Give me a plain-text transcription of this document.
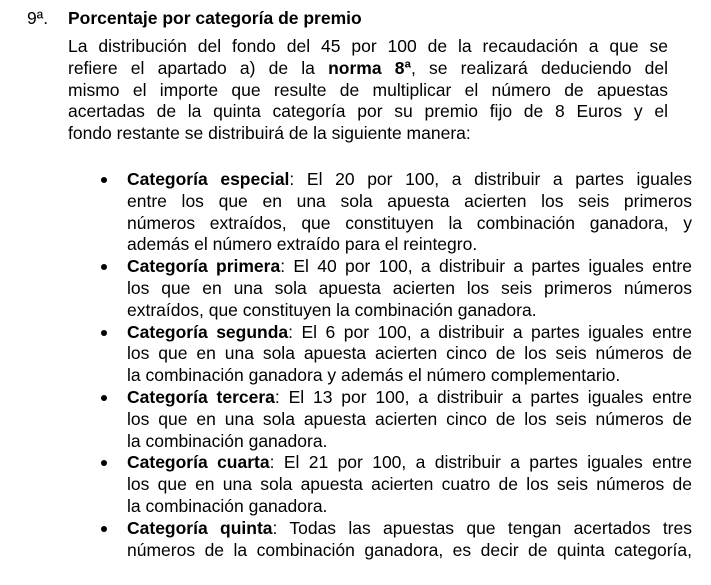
9ª. Porcentaje por categoría de premio

La distribución del fondo del 45 por 100 de la recaudación a que se
refiere el apartado a) de la norma 8ª, se realizará deduciendo del
mismo el importe que resulte de multiplicar el número de apuestas
acertadas de la quinta categoría por su premio fijo de 8 Euros y el
fondo restante se distribuirá de la siguiente manera:

Categoría especial: El 20 por 100, a distribuir a partes iguales
entre los que en una sola apuesta acierten los seis primeros
números extraídos, que constituyen la combinación ganadora, y
además el número extraído para el reintegro.
Categoría primera: El 40 por 100, a distribuir a partes iguales entre
los que en una sola apuesta acierten los seis primeros números
extraídos, que constituyen la combinación ganadora.
Categoría segunda: El 6 por 100, a distribuir a partes iguales entre
los que en una sola apuesta acierten cinco de los seis números de
la combinación ganadora y además el número complementario.
Categoría tercera: El 13 por 100, a distribuir a partes iguales entre
los que en una sola apuesta acierten cinco de los seis números de
la combinación ganadora.
Categoría cuarta: El 21 por 100, a distribuir a partes iguales entre
los que en una sola apuesta acierten cuatro de los seis números de
la combinación ganadora.
Categoría quinta: Todas las apuestas que tengan acertados tres
números de la combinación ganadora, es decir de quinta categoría,
